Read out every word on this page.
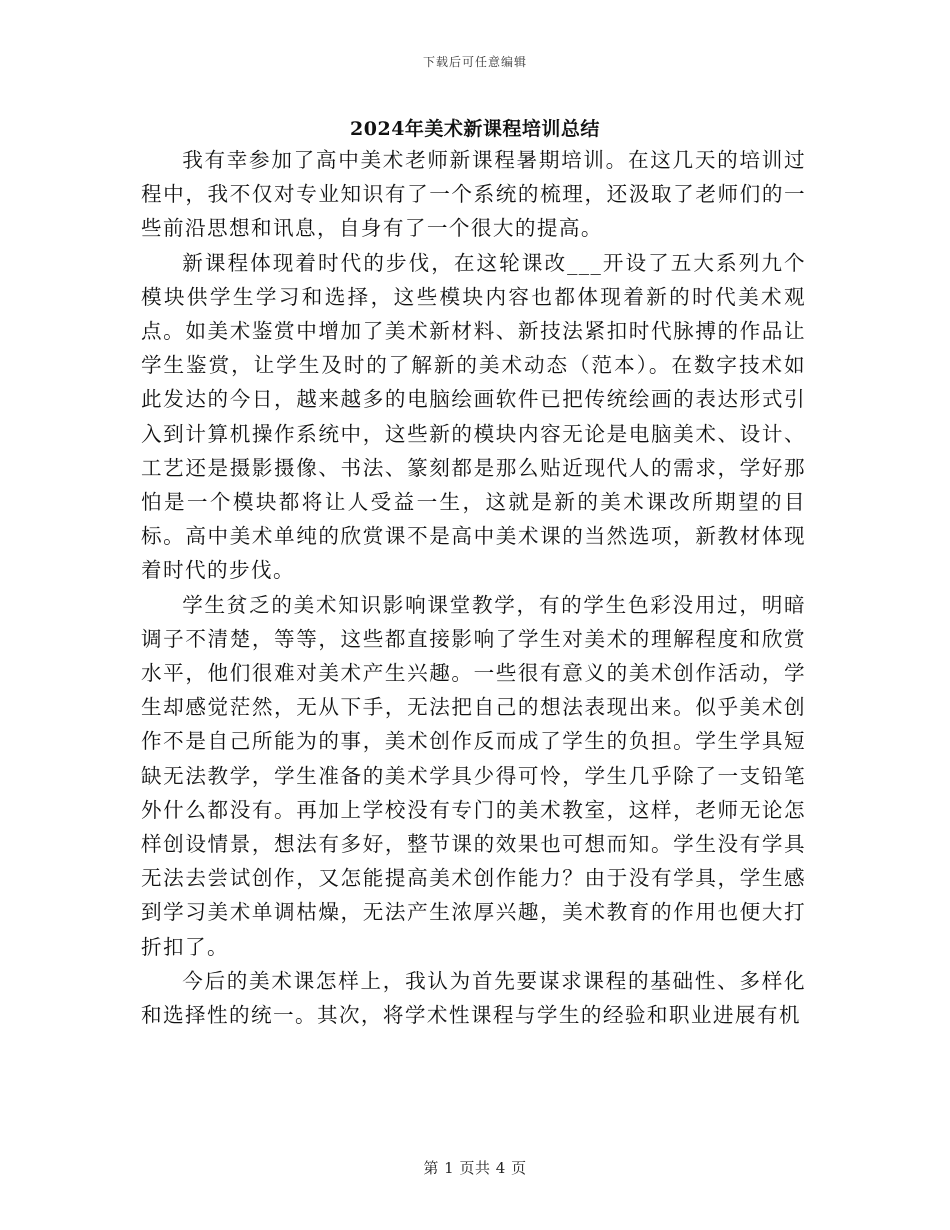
下载后可任意编辑
2024年美术新课程培训总结

我有幸参加了高中美术老师新课程暑期培训。在这几天的培训过程中，我不仅对专业知识有了一个系统的梳理，还汲取了老师们的一些前沿思想和讯息，自身有了一个很大的提高。

新课程体现着时代的步伐，在这轮课改___开设了五大系列九个模块供学生学习和选择，这些模块内容也都体现着新的时代美术观点。如美术鉴赏中增加了美术新材料、新技法紧扣时代脉搏的作品让学生鉴赏，让学生及时的了解新的美术动态（范本）。在数字技术如此发达的今日，越来越多的电脑绘画软件已把传统绘画的表达形式引入到计算机操作系统中，这些新的模块内容无论是电脑美术、设计、工艺还是摄影摄像、书法、篆刻都是那么贴近现代人的需求，学好那怕是一个模块都将让人受益一生，这就是新的美术课改所期望的目标。高中美术单纯的欣赏课不是高中美术课的当然选项，新教材体现着时代的步伐。

学生贫乏的美术知识影响课堂教学，有的学生色彩没用过，明暗调子不清楚，等等，这些都直接影响了学生对美术的理解程度和欣赏水平，他们很难对美术产生兴趣。一些很有意义的美术创作活动，学生却感觉茫然，无从下手，无法把自己的想法表现出来。似乎美术创作不是自己所能为的事，美术创作反而成了学生的负担。学生学具短缺无法教学，学生准备的美术学具少得可怜，学生几乎除了一支铅笔外什么都没有。再加上学校没有专门的美术教室，这样，老师无论怎样创设情景，想法有多好，整节课的效果也可想而知。学生没有学具无法去尝试创作，又怎能提高美术创作能力？由于没有学具，学生感到学习美术单调枯燥，无法产生浓厚兴趣，美术教育的作用也便大打折扣了。

今后的美术课怎样上，我认为首先要谋求课程的基础性、多样化和选择性的统一。其次，将学术性课程与学生的经验和职业进展有机

第 1 页共 4 页
